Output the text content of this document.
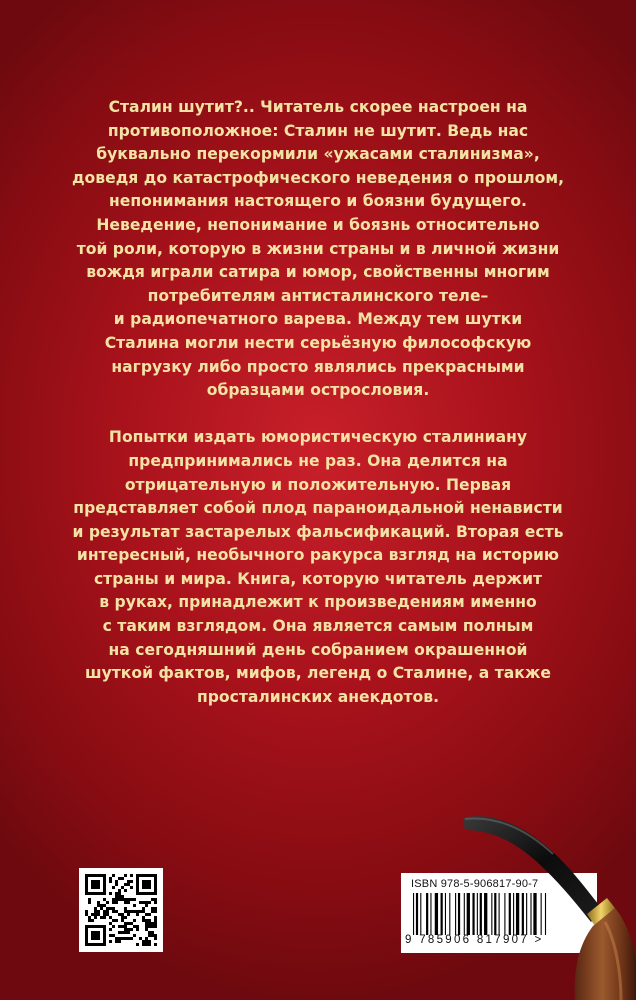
Сталин шутит?.. Читатель скорее настроен на
противоположное: Сталин не шутит. Ведь нас
буквально перекормили «ужасами сталинизма»,
доведя до катастрофического неведения о прошлом,
непонимания настоящего и боязни будущего.
Неведение, непонимание и боязнь относительно
той роли, которую в жизни страны и в личной жизни
вождя играли сатира и юмор, свойственны многим
потребителям антисталинского теле–
и радиопечатного варева. Между тем шутки
Сталина могли нести серьёзную философскую
нагрузку либо просто являлись прекрасными
образцами острословия.
Попытки издать юмористическую сталиниану
предпринимались не раз. Она делится на
отрицательную и положительную. Первая
представляет собой плод параноидальной ненависти
и результат застарелых фальсификаций. Вторая есть
интересный, необычного ракурса взгляд на историю
страны и мира. Книга, которую читатель держит
в руках, принадлежит к произведениям именно
с таким взглядом. Она является самым полным
на сегодняшний день собранием окрашенной
шуткой фактов, мифов, легенд о Сталине, а также
просталинских анекдотов.
ISBN 978-5-906817-90-7
9 785906 817907 >
